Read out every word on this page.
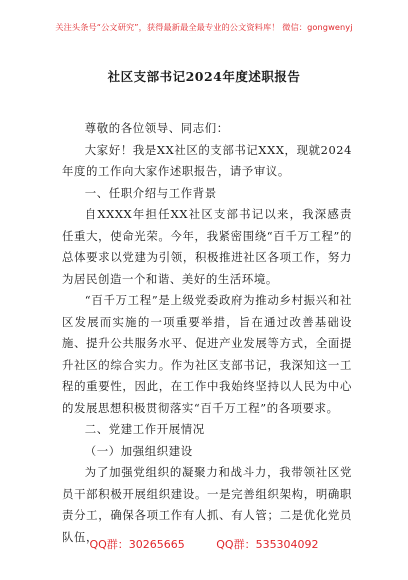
关注头条号“公文研究”，获得最新最全最专业的公文资料库！ 微信：gongwenyj
社区支部书记2024年度述职报告

尊敬的各位领导、同志们：

大家好！我是XX社区的支部书记XXX，现就2024年度的工作向大家作述职报告，请予审议。

一、任职介绍与工作背景

自XXXX年担任XX社区支部书记以来，我深感责任重大，使命光荣。今年，我紧密围绕“百千万工程”的总体要求以党建为引领，积极推进社区各项工作，努力为居民创造一个和谐、美好的生活环境。

“百千万工程”是上级党委政府为推动乡村振兴和社区发展而实施的一项重要举措，旨在通过改善基础设施、提升公共服务水平、促进产业发展等方式，全面提升社区的综合实力。作为社区支部书记，我深知这一工程的重要性，因此，在工作中我始终坚持以人民为中心的发展思想积极贯彻落实“百千万工程”的各项要求。

二、党建工作开展情况

（一）加强组织建设

为了加强党组织的凝聚力和战斗力，我带领社区党员干部积极开展组织建设。一是完善组织架构，明确职责分工，确保各项工作有人抓、有人管；二是优化党员队伍，

QQ群：30265665	QQ群：535304092
